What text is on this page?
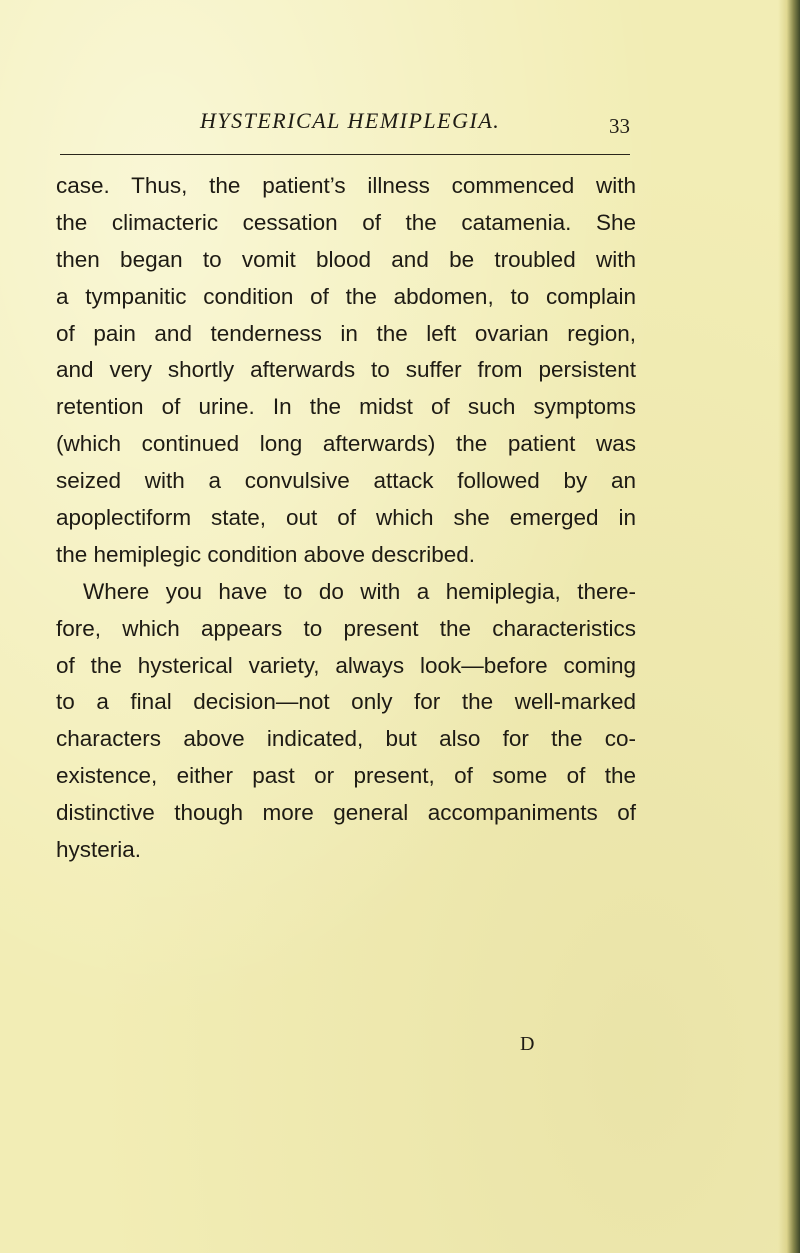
HYSTERICAL HEMIPLEGIA.	33
case. Thus, the patient’s illness commenced with
the climacteric cessation of the catamenia. She
then began to vomit blood and be troubled with
a tympanitic condition of the abdomen, to complain
of pain and tenderness in the left ovarian region,
and very shortly afterwards to suffer from persistent
retention of urine. In the midst of such symptoms
(which continued long afterwards) the patient was
seized with a convulsive attack followed by an
apoplectiform state, out of which she emerged in
the hemiplegic condition above described.
Where you have to do with a hemiplegia, there-
fore, which appears to present the characteristics
of the hysterical variety, always look—before coming
to a final decision—not only for the well-marked
characters above indicated, but also for the co-
existence, either past or present, of some of the
distinctive though more general accompaniments of
hysteria.
D
